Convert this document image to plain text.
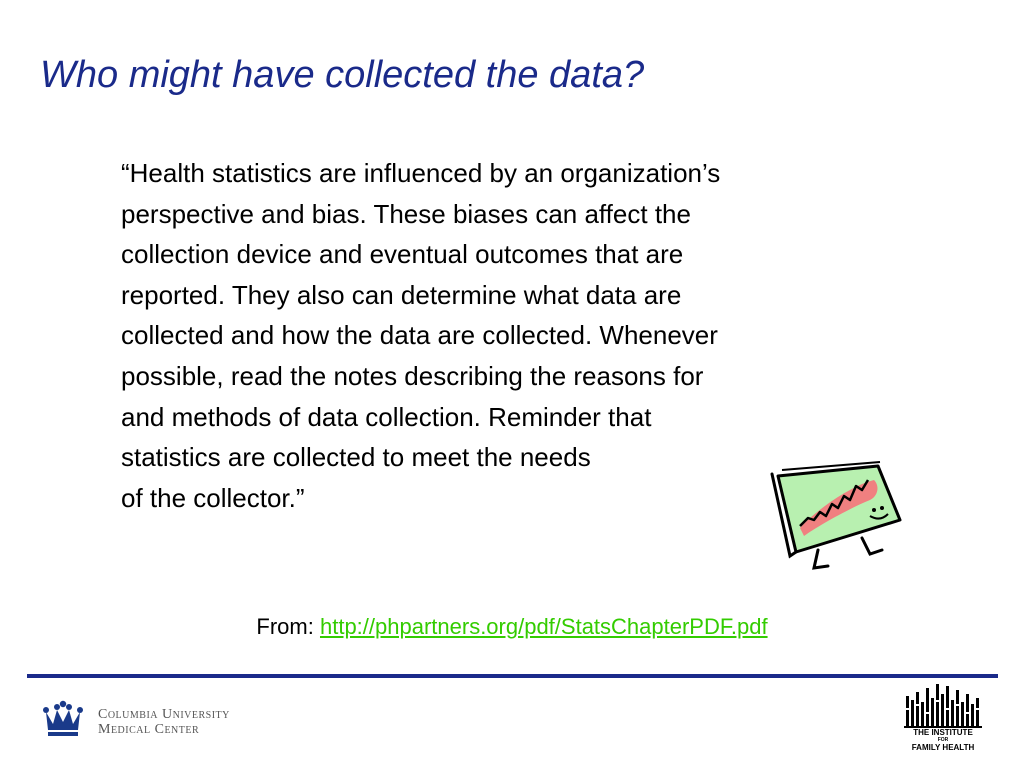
Who might have collected the data?
“Health statistics are influenced by an organization’s
perspective and bias. These biases can affect the
collection device and eventual outcomes that are
reported. They also can determine what data are
collected and how the data are collected. Whenever
possible, read the notes describing the reasons for
and methods of data collection. Reminder that
statistics are collected to meet the needs
of the collector.”
From: http://phpartners.org/pdf/StatsChapterPDF.pdf
Columbia University
Medical Center	THE INSTITUTE
FOR
FAMILY HEALTH
